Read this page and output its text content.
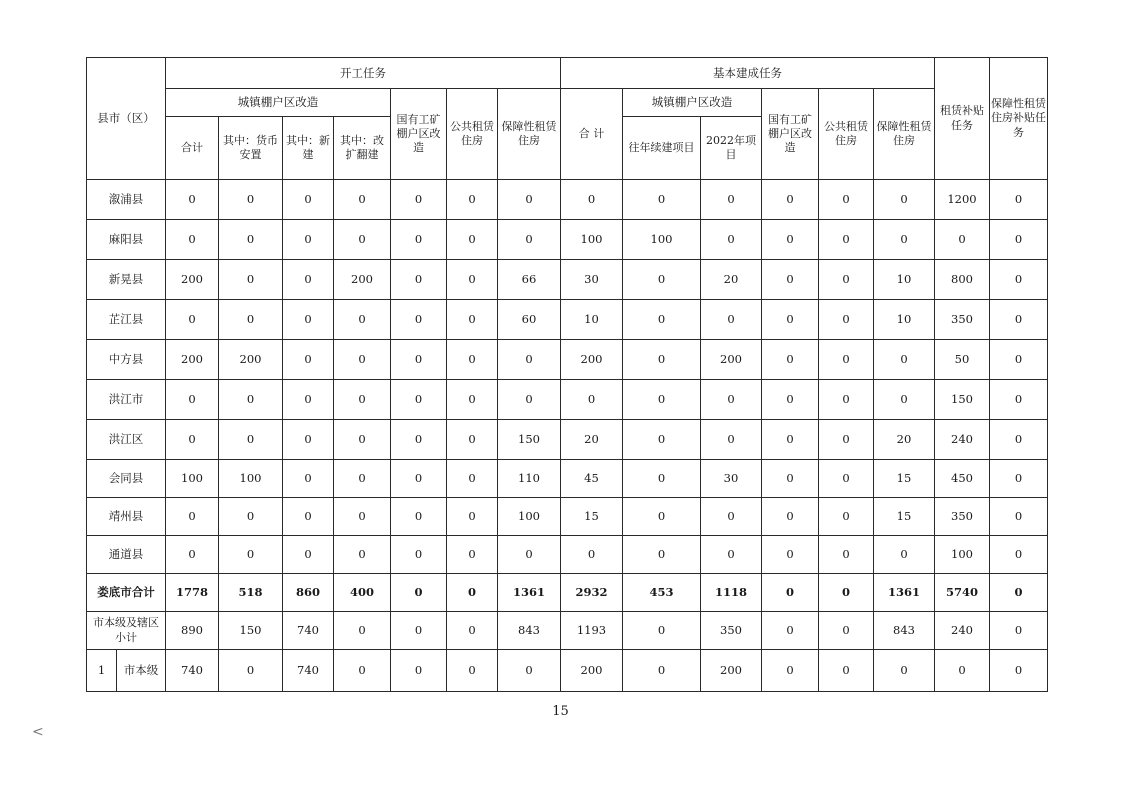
县市（区）		开工任务							基本建成任务						租赁补贴任务	保障性租赁住房补贴任务
		城镇棚户区改造				国有工矿棚户区改造	公共租赁住房	保障性租赁住房	合 计	城镇棚户区改造		国有工矿棚户区改造	公共租赁住房	保障性租赁住房		
		合计	其中：货币安置	其中：新建	其中：改扩翻建					往年续建项目	2022年项目					
溆浦县		0	0	0	0	0	0	0	0	0	0	0	0	0	1200	0
麻阳县		0	0	0	0	0	0	0	100	100	0	0	0	0	0	0
新晃县		200	0	0	200	0	0	66	30	0	20	0	0	10	800	0
芷江县		0	0	0	0	0	0	60	10	0	0	0	0	10	350	0
中方县		200	200	0	0	0	0	0	200	0	200	0	0	0	50	0
洪江市		0	0	0	0	0	0	0	0	0	0	0	0	0	150	0
洪江区		0	0	0	0	0	0	150	20	0	0	0	0	20	240	0
会同县		100	100	0	0	0	0	110	45	0	30	0	0	15	450	0
靖州县		0	0	0	0	0	0	100	15	0	0	0	0	15	350	0
通道县		0	0	0	0	0	0	0	0	0	0	0	0	0	100	0
娄底市合计		1778	518	860	400	0	0	1361	2932	453	1118	0	0	1361	5740	0
市本级及辖区小计		890	150	740	0	0	0	843	1193	0	350	0	0	843	240	0
1	市本级	740	0	740	0	0	0	0	200	0	200	0	0	0	0	0
15
<
